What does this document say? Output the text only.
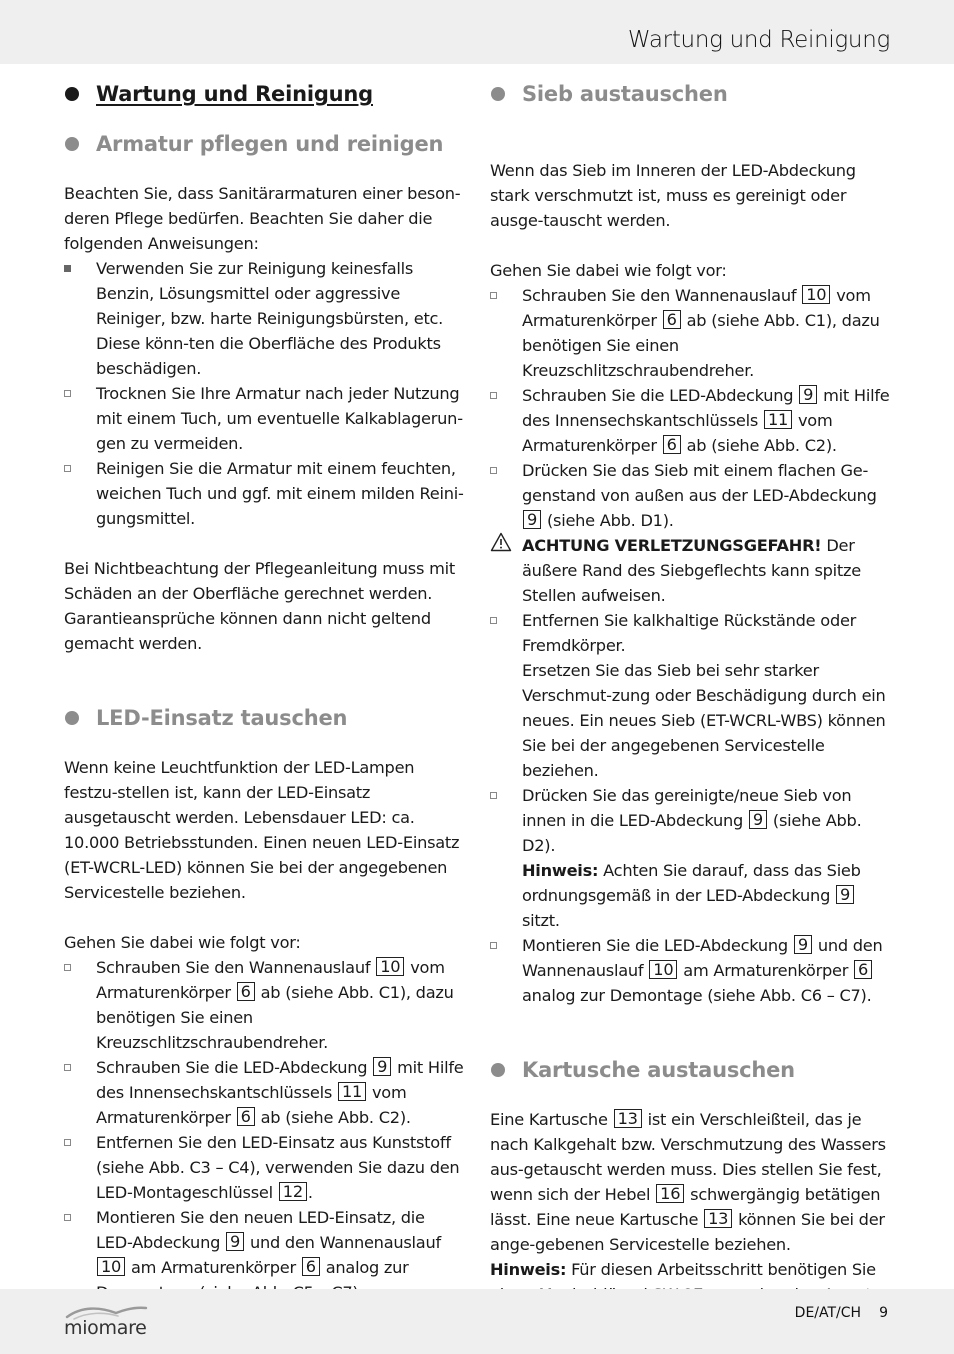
Wartung und Reinigung
Wartung und Reinigung
Armatur pflegen und reinigen

Beachten Sie, dass Sanitärarmaturen einer beson-deren Pflege bedürfen. Beachten Sie daher die folgenden Anweisungen:

Verwenden Sie zur Reinigung keinesfalls Benzin, Lösungsmittel oder aggressive Reiniger, bzw. harte Reinigungsbürsten, etc. Diese könn-ten die Oberfläche des Produkts beschädigen.
Trocknen Sie Ihre Armatur nach jeder Nutzung mit einem Tuch, um eventuelle Kalkablagerun-gen zu vermeiden.
Reinigen Sie die Armatur mit einem feuchten, weichen Tuch und ggf. mit einem milden Reini-gungsmittel.

Bei Nichtbeachtung der Pflegeanleitung muss mit Schäden an der Oberfläche gerechnet werden. Garantieansprüche können dann nicht geltend gemacht werden.

LED-Einsatz tauschen

Wenn keine Leuchtfunktion der LED-Lampen festzu-stellen ist, kann der LED-Einsatz ausgetauscht werden. Lebensdauer LED: ca. 10.000 Betriebsstunden. Einen neuen LED-Einsatz (ET-WCRL-LED) können Sie bei der angegebenen Servicestelle beziehen.

Gehen Sie dabei wie folgt vor:

Schrauben Sie den Wannenauslauf 10 vom Armaturenkörper 6 ab (siehe Abb. C1), dazu benötigen Sie einen Kreuzschlitzschraubendreher.
Schrauben Sie die LED-Abdeckung 9 mit Hilfe des Innensechskantschlüssels 11 vom Armaturenkörper 6 ab (siehe Abb. C2).
Entfernen Sie den LED-Einsatz aus Kunststoff (siehe Abb. C3 – C4), verwenden Sie dazu den LED-Montageschlüssel 12 .
Montieren Sie den neuen LED-Einsatz, die LED-Abdeckung 9 und den Wannenauslauf 10 am Armaturenkörper 6 analog zur
Sieb austauschen

Wenn das Sieb im Inneren der LED-Abdeckung stark verschmutzt ist, muss es gereinigt oder ausge-tauscht werden.

Gehen Sie dabei wie folgt vor:

Schrauben Sie den Wannenauslauf 10 vom Armaturenkörper 6 ab (siehe Abb. C1), dazu benötigen Sie einen Kreuzschlitzschraubendreher.
Schrauben Sie die LED-Abdeckung 9 mit Hilfe des Innensechskantschlüssels 11 vom Armaturenkörper 6 ab (siehe Abb. C2).
Drücken Sie das Sieb mit einem flachen Ge-genstand von außen aus der LED-Abdeckung 9 (siehe Abb. D1).
ACHTUNG VERLETZUNGSGEFAHR! Der äußere Rand des Siebgeflechts kann spitze Stellen aufweisen.
Entfernen Sie kalkhaltige Rückstände oder Fremdkörper.
Ersetzen Sie das Sieb bei sehr starker Verschmut-zung oder Beschädigung durch ein neues. Ein neues Sieb (ET-WCRL-WBS) können Sie bei der angegebenen Servicestelle beziehen.
Drücken Sie das gereinigte/neue Sieb von innen in die LED-Abdeckung 9 (siehe Abb. D2).
Hinweis: Achten Sie darauf, dass das Sieb ordnungsgemäß in der LED-Abdeckung 9 sitzt.
Montieren Sie die LED-Abdeckung 9 und den Wannenauslauf 10 am Armaturenkörper 6 analog zur Demontage (siehe Abb. C6 – C7).
Kartusche austauschen

Eine Kartusche 13 ist ein Verschleißteil, das je nach Kalkgehalt bzw. Verschmutzung des Wassers aus-getauscht werden muss. Dies stellen Sie fest, wenn sich der Hebel 16 schwergängig betätigen lässt. Eine neue Kartusche 13 können Sie bei der ange-gebenen Servicestelle beziehen.

Hinweis: Für diesen Arbeitsschritt benötigen Sie

miomare
DE/AT/CH 9
